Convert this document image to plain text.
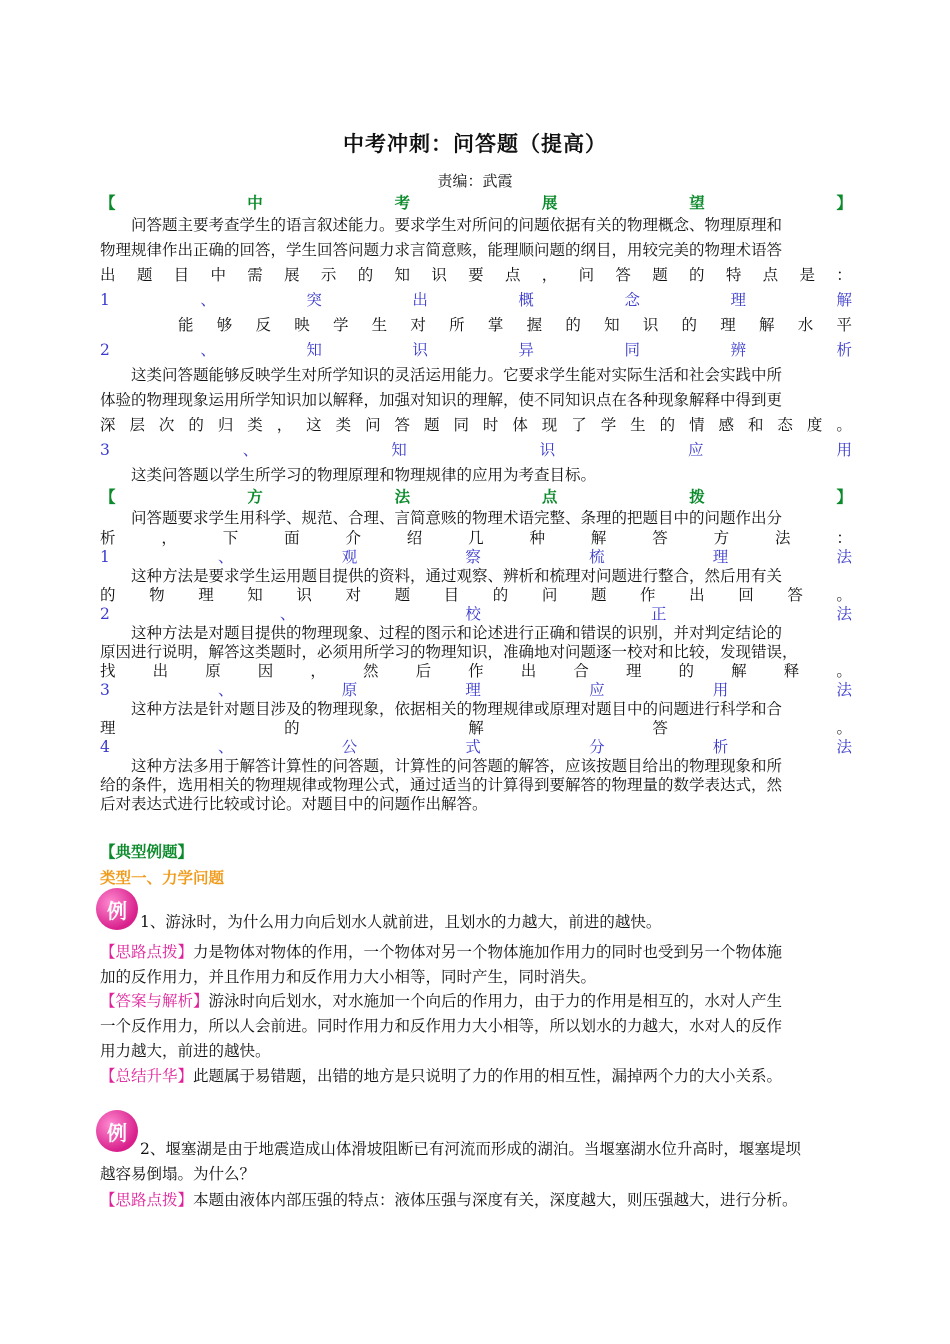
中考冲刺：问答题（提高）
责编：武霞
【	中	考	展	望	】
问答题主要考查学生的语言叙述能力。要求学生对所问的问题依据有关的物理概念、物理原理和
物理规律作出正确的回答，学生回答问题力求言简意赅，能理顺问题的纲目，用较完美的物理术语答
出 题 目 中 需 展 示 的 知 识 要 点 ， 问 答 题 的 特 点 是 ：
1	、	突	出	概	念	理	解
能 够 反 映 学 生 对 所 掌 握 的 知 识 的 理 解 水 平
2	、	知	识	异	同	辨	析
这类问答题能够反映学生对所学知识的灵活运用能力。它要求学生能对实际生活和社会实践中所
体验的物理现象运用所学知识加以解释，加强对知识的理解，使不同知识点在各种现象解释中得到更
深 层 次 的 归 类 ， 这 类 问 答 题 同 时 体 现 了 学 生 的 情 感 和 态 度 。
3	、	知	识	应	用
这类问答题以学生所学习的物理原理和物理规律的应用为考查目标。
【	方	法	点	拨	】
问答题要求学生用科学、规范、合理、言简意赅的物理术语完整、条理的把题目中的问题作出分
析	，	下	面	介	绍	几	种	解	答	方	法	：
1	、	观	察	梳	理	法
这种方法是要求学生运用题目提供的资料，通过观察、辨析和梳理对问题进行整合，然后用有关
的 物 理 知 识 对 题 目 的 问 题 作 出 回 答 。
2	、	校	正	法
这种方法是对题目提供的物理现象、过程的图示和论述进行正确和错误的识别，并对判定结论的
原因进行说明，解答这类题时，必须用所学习的物理知识，准确地对问题逐一校对和比较，发现错误，
找 出 原 因 ， 然 后 作 出 合 理 的 解 释 。
3	、	原	理	应	用	法
这种方法是针对题目涉及的物理现象，依据相关的物理规律或原理对题目中的问题进行科学和合
理	的	解	答	。
4	、	公	式	分	析	法
这种方法多用于解答计算性的问答题，计算性的问答题的解答，应该按题目给出的物理现象和所
给的条件，选用相关的物理规律或物理公式，通过适当的计算得到要解答的物理量的数学表达式，然
后对表达式进行比较或讨论。对题目中的问题作出解答。
【典型例题】
类型一、力学问题
例 1、游泳时，为什么用力向后划水人就前进，且划水的力越大，前进的越快。
【思路点拨】力是物体对物体的作用，一个物体对另一个物体施加作用力的同时也受到另一个物体施
加的反作用力，并且作用力和反作用力大小相等，同时产生，同时消失。
【答案与解析】游泳时向后划水，对水施加一个向后的作用力，由于力的作用是相互的，水对人产生
一个反作用力，所以人会前进。同时作用力和反作用力大小相等，所以划水的力越大，水对人的反作
用力越大，前进的越快。
【总结升华】此题属于易错题，出错的地方是只说明了力的作用的相互性，漏掉两个力的大小关系。
例
2、堰塞湖是由于地震造成山体滑坡阻断已有河流而形成的湖泊。当堰塞湖水位升高时，堰塞堤坝
越容易倒塌。为什么？
【思路点拨】本题由液体内部压强的特点：液体压强与深度有关，深度越大，则压强越大，进行分析。
